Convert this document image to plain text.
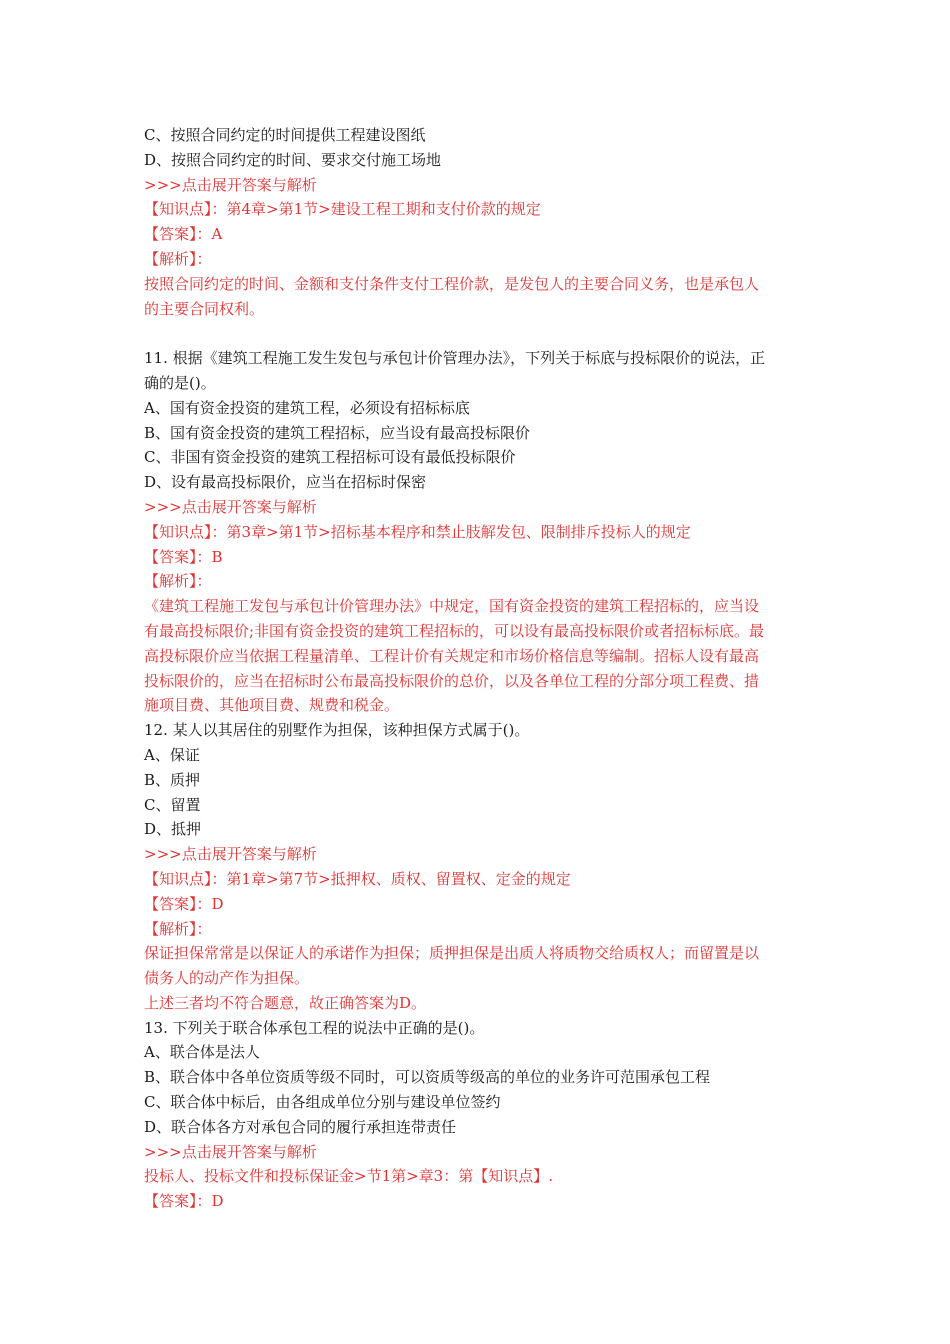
C、按照合同约定的时间提供工程建设图纸
D、按照合同约定的时间、要求交付施工场地
>>>点击展开答案与解析
【知识点】：第4章>第1节>建设工程工期和支付价款的规定
【答案】：A
【解析】：
按照合同约定的时间、金额和支付条件支付工程价款，是发包人的主要合同义务，也是承包人
的主要合同权利。
11. 根据《建筑工程施工发生发包与承包计价管理办法》，下列关于标底与投标限价的说法，正
确的是()。
A、国有资金投资的建筑工程，必须设有招标标底
B、国有资金投资的建筑工程招标，应当设有最高投标限价
C、非国有资金投资的建筑工程招标可设有最低投标限价
D、设有最高投标限价，应当在招标时保密
>>>点击展开答案与解析
【知识点】：第3章>第1节>招标基本程序和禁止肢解发包、限制排斥投标人的规定
【答案】：B
【解析】：
《建筑工程施工发包与承包计价管理办法》中规定，国有资金投资的建筑工程招标的，应当设
有最高投标限价;非国有资金投资的建筑工程招标的，可以设有最高投标限价或者招标标底。最
高投标限价应当依据工程量清单、工程计价有关规定和市场价格信息等编制。招标人设有最高
投标限价的，应当在招标时公布最高投标限价的总价，以及各单位工程的分部分项工程费、措
施项目费、其他项目费、规费和税金。
12. 某人以其居住的别墅作为担保，该种担保方式属于()。
A、保证
B、质押
C、留置
D、抵押
>>>点击展开答案与解析
【知识点】：第1章>第7节>抵押权、质权、留置权、定金的规定
【答案】：D
【解析】：
保证担保常常是以保证人的承诺作为担保；质押担保是出质人将质物交给质权人；而留置是以
债务人的动产作为担保。
上述三者均不符合题意，故正确答案为D。
13. 下列关于联合体承包工程的说法中正确的是()。
A、联合体是法人
B、联合体中各单位资质等级不同时，可以资质等级高的单位的业务许可范围承包工程
C、联合体中标后，由各组成单位分别与建设单位签约
D、联合体各方对承包合同的履行承担连带责任
>>>点击展开答案与解析
投标人、投标文件和投标保证金>节1第>章3：第【知识点】.
【答案】：D
